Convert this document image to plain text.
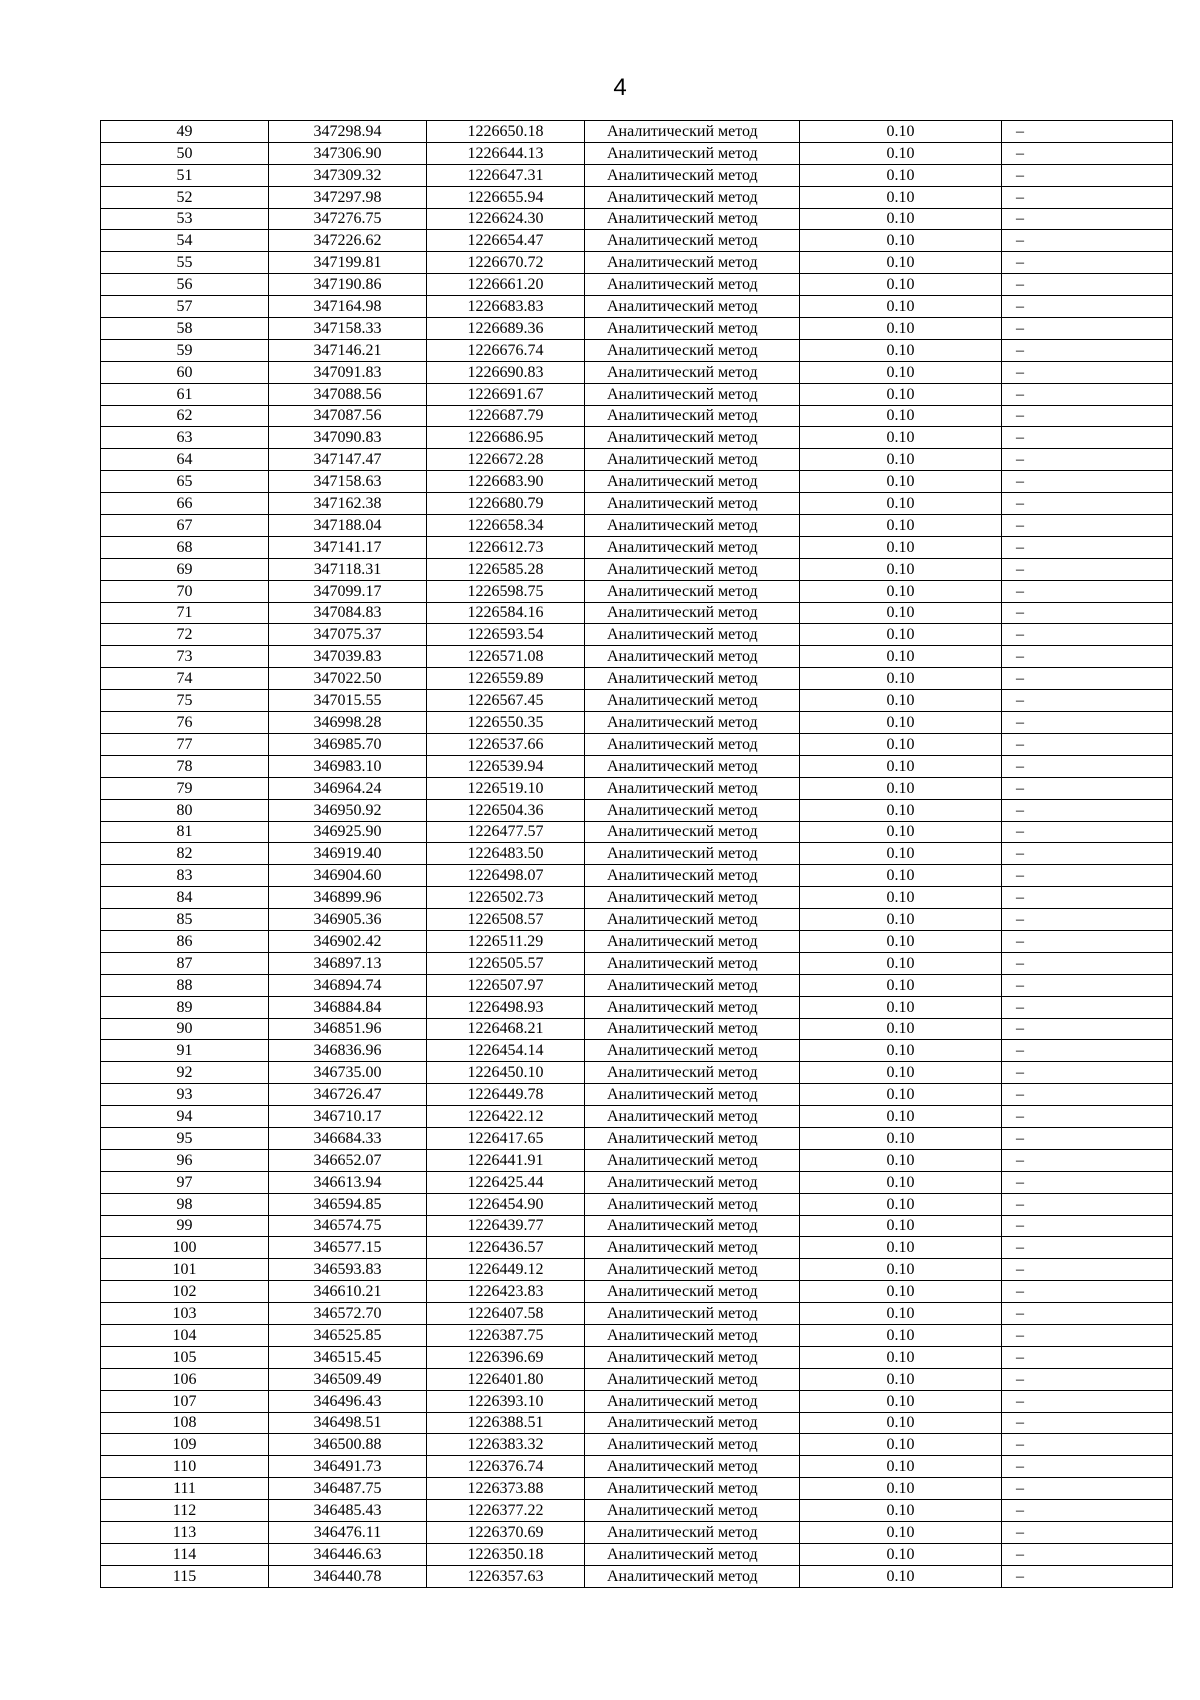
4
49	347298.94	1226650.18	Аналитический метод	0.10	–
50	347306.90	1226644.13	Аналитический метод	0.10	–
51	347309.32	1226647.31	Аналитический метод	0.10	–
52	347297.98	1226655.94	Аналитический метод	0.10	–
53	347276.75	1226624.30	Аналитический метод	0.10	–
54	347226.62	1226654.47	Аналитический метод	0.10	–
55	347199.81	1226670.72	Аналитический метод	0.10	–
56	347190.86	1226661.20	Аналитический метод	0.10	–
57	347164.98	1226683.83	Аналитический метод	0.10	–
58	347158.33	1226689.36	Аналитический метод	0.10	–
59	347146.21	1226676.74	Аналитический метод	0.10	–
60	347091.83	1226690.83	Аналитический метод	0.10	–
61	347088.56	1226691.67	Аналитический метод	0.10	–
62	347087.56	1226687.79	Аналитический метод	0.10	–
63	347090.83	1226686.95	Аналитический метод	0.10	–
64	347147.47	1226672.28	Аналитический метод	0.10	–
65	347158.63	1226683.90	Аналитический метод	0.10	–
66	347162.38	1226680.79	Аналитический метод	0.10	–
67	347188.04	1226658.34	Аналитический метод	0.10	–
68	347141.17	1226612.73	Аналитический метод	0.10	–
69	347118.31	1226585.28	Аналитический метод	0.10	–
70	347099.17	1226598.75	Аналитический метод	0.10	–
71	347084.83	1226584.16	Аналитический метод	0.10	–
72	347075.37	1226593.54	Аналитический метод	0.10	–
73	347039.83	1226571.08	Аналитический метод	0.10	–
74	347022.50	1226559.89	Аналитический метод	0.10	–
75	347015.55	1226567.45	Аналитический метод	0.10	–
76	346998.28	1226550.35	Аналитический метод	0.10	–
77	346985.70	1226537.66	Аналитический метод	0.10	–
78	346983.10	1226539.94	Аналитический метод	0.10	–
79	346964.24	1226519.10	Аналитический метод	0.10	–
80	346950.92	1226504.36	Аналитический метод	0.10	–
81	346925.90	1226477.57	Аналитический метод	0.10	–
82	346919.40	1226483.50	Аналитический метод	0.10	–
83	346904.60	1226498.07	Аналитический метод	0.10	–
84	346899.96	1226502.73	Аналитический метод	0.10	–
85	346905.36	1226508.57	Аналитический метод	0.10	–
86	346902.42	1226511.29	Аналитический метод	0.10	–
87	346897.13	1226505.57	Аналитический метод	0.10	–
88	346894.74	1226507.97	Аналитический метод	0.10	–
89	346884.84	1226498.93	Аналитический метод	0.10	–
90	346851.96	1226468.21	Аналитический метод	0.10	–
91	346836.96	1226454.14	Аналитический метод	0.10	–
92	346735.00	1226450.10	Аналитический метод	0.10	–
93	346726.47	1226449.78	Аналитический метод	0.10	–
94	346710.17	1226422.12	Аналитический метод	0.10	–
95	346684.33	1226417.65	Аналитический метод	0.10	–
96	346652.07	1226441.91	Аналитический метод	0.10	–
97	346613.94	1226425.44	Аналитический метод	0.10	–
98	346594.85	1226454.90	Аналитический метод	0.10	–
99	346574.75	1226439.77	Аналитический метод	0.10	–
100	346577.15	1226436.57	Аналитический метод	0.10	–
101	346593.83	1226449.12	Аналитический метод	0.10	–
102	346610.21	1226423.83	Аналитический метод	0.10	–
103	346572.70	1226407.58	Аналитический метод	0.10	–
104	346525.85	1226387.75	Аналитический метод	0.10	–
105	346515.45	1226396.69	Аналитический метод	0.10	–
106	346509.49	1226401.80	Аналитический метод	0.10	–
107	346496.43	1226393.10	Аналитический метод	0.10	–
108	346498.51	1226388.51	Аналитический метод	0.10	–
109	346500.88	1226383.32	Аналитический метод	0.10	–
110	346491.73	1226376.74	Аналитический метод	0.10	–
111	346487.75	1226373.88	Аналитический метод	0.10	–
112	346485.43	1226377.22	Аналитический метод	0.10	–
113	346476.11	1226370.69	Аналитический метод	0.10	–
114	346446.63	1226350.18	Аналитический метод	0.10	–
115	346440.78	1226357.63	Аналитический метод	0.10	–
